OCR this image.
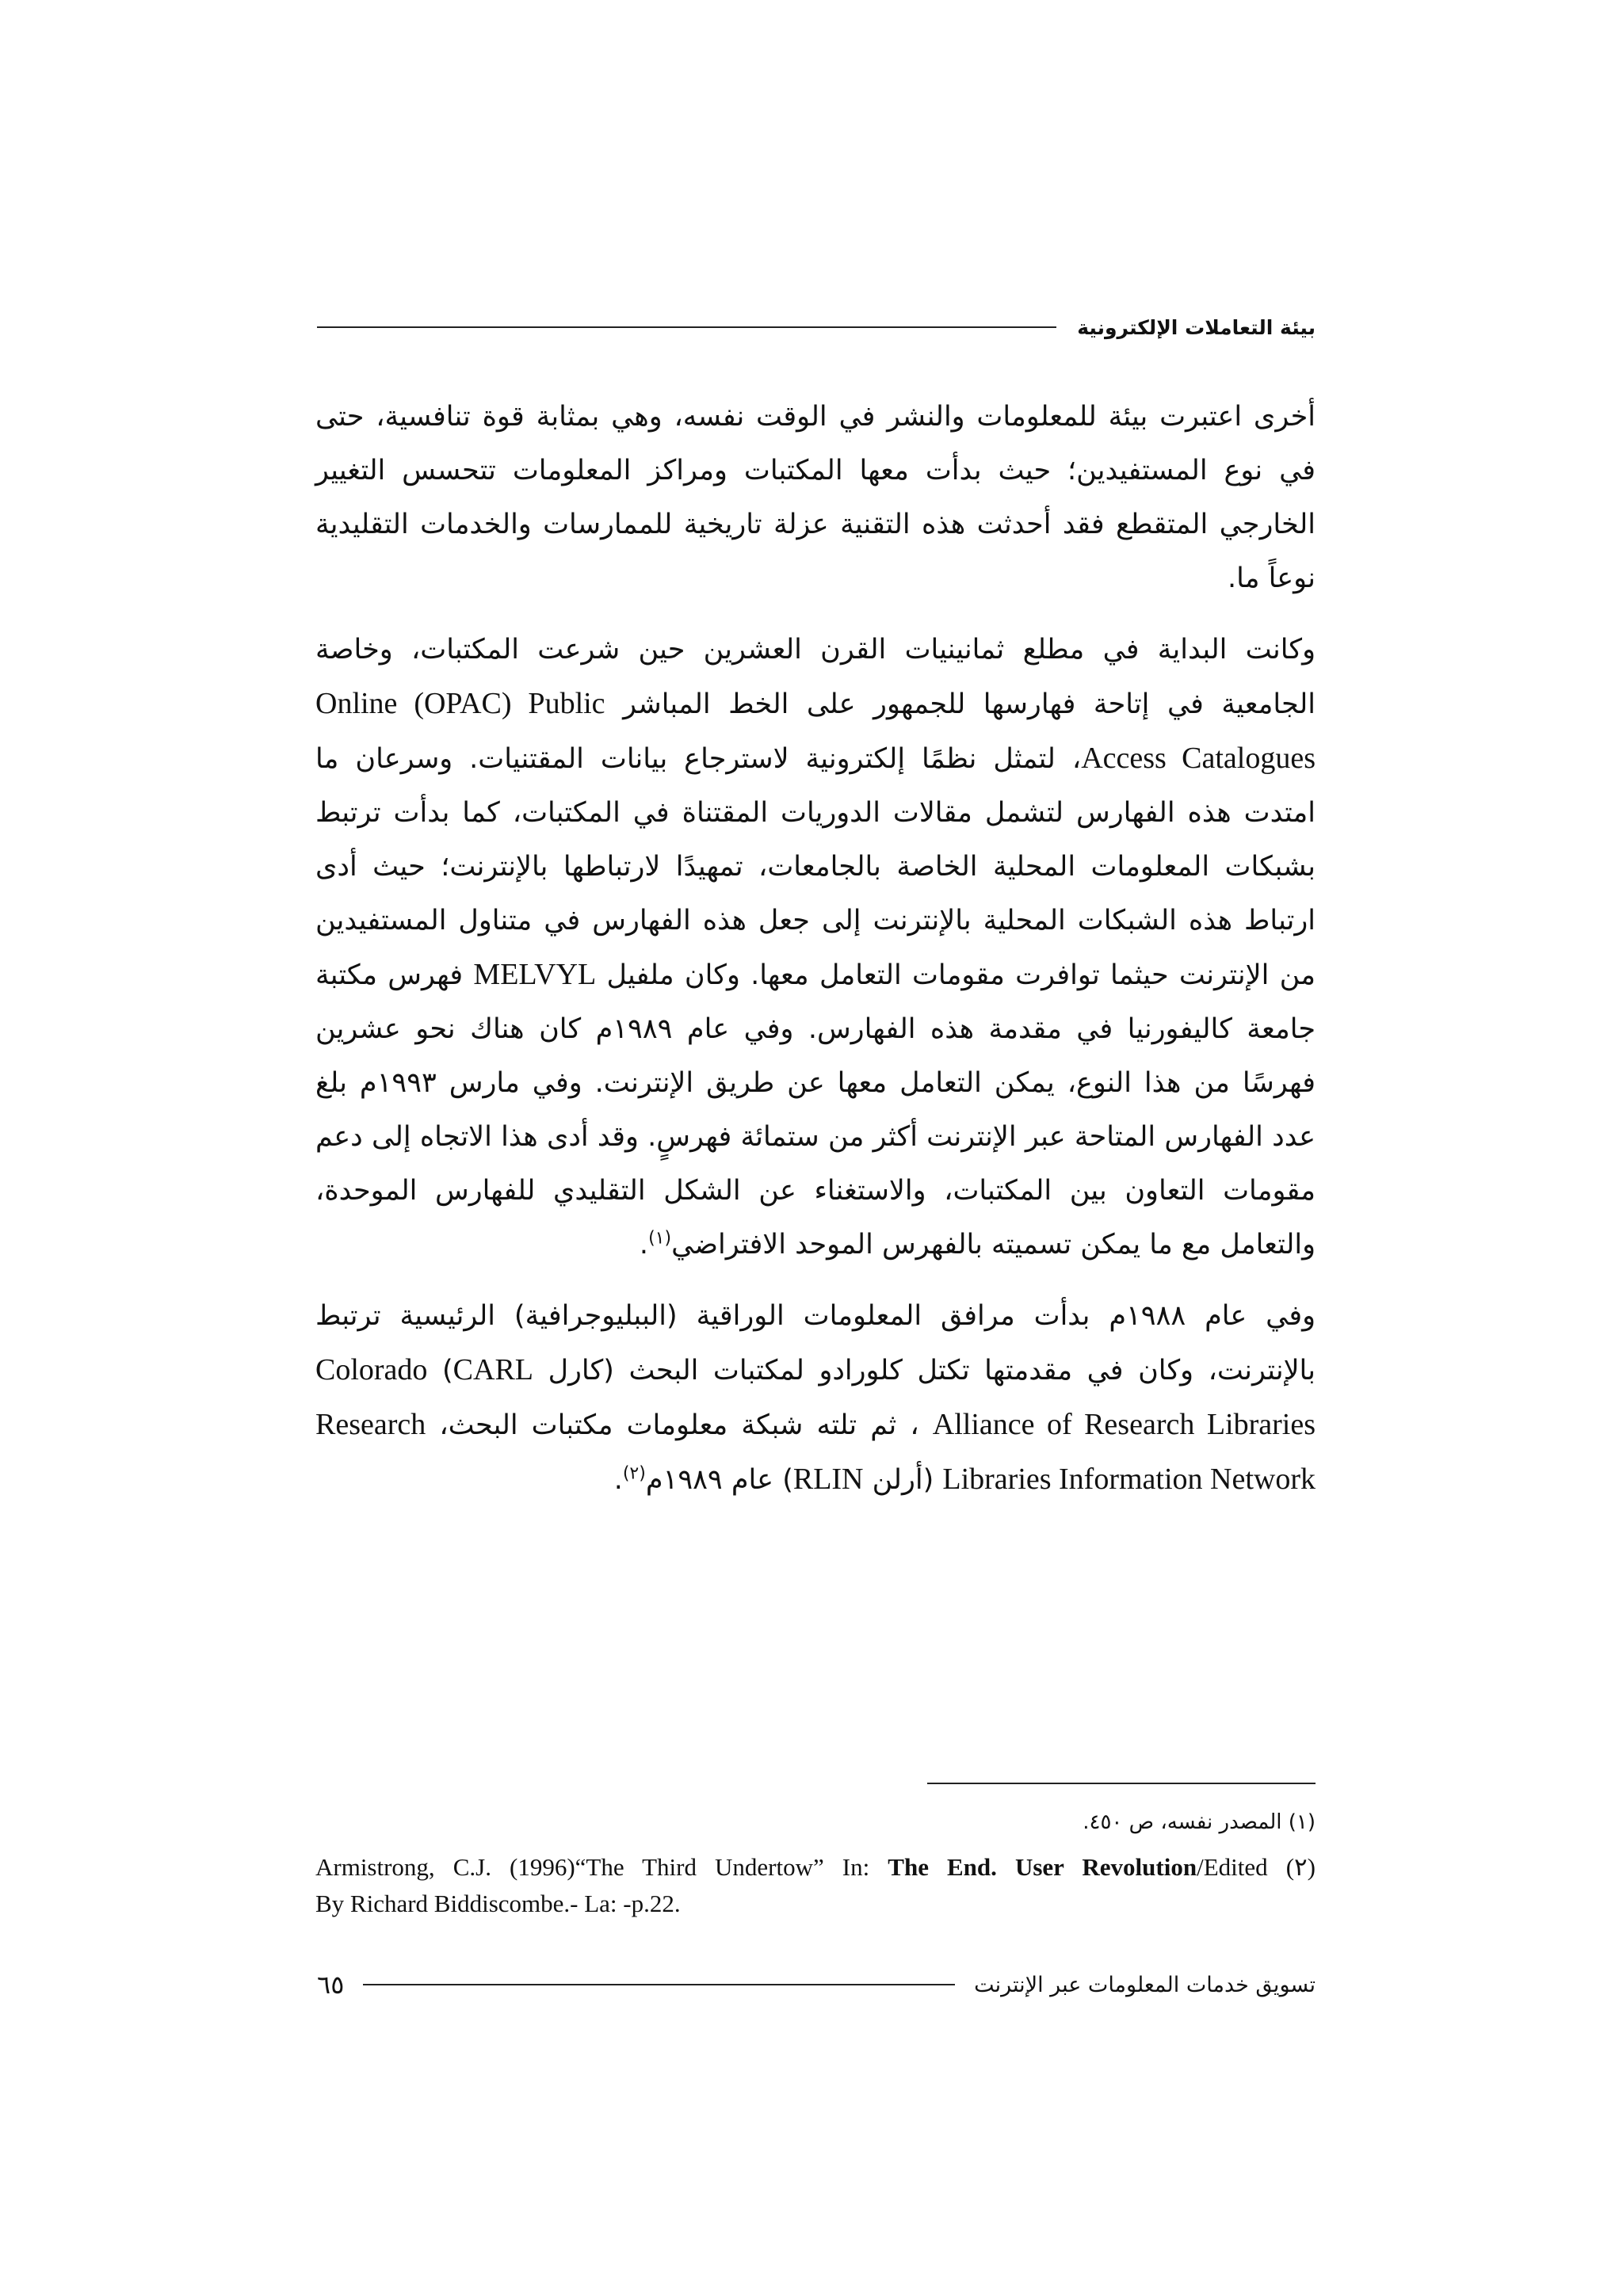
بيئة التعاملات الإلكترونية

أخرى اعتبرت بيئة للمعلومات والنشر في الوقت نفسه، وهي بمثابة قوة تنافسية، حتى في نوع المستفيدين؛ حيث بدأت معها المكتبات ومراكز المعلومات تتحسس التغيير الخارجي المتقطع فقد أحدثت هذه التقنية عزلة تاريخية للممارسات والخدمات التقليدية نوعاً ما.

وكانت البداية في مطلع ثمانينيات القرن العشرين حين شرعت المكتبات، وخاصة الجامعية في إتاحة فهارسها للجمهور على الخط المباشر Online (OPAC) Public Access Catalogues، لتمثل نظمًا إلكترونية لاسترجاع بيانات المقتنيات. وسرعان ما امتدت هذه الفهارس لتشمل مقالات الدوريات المقتناة في المكتبات، كما بدأت ترتبط بشبكات المعلومات المحلية الخاصة بالجامعات، تمهيدًا لارتباطها بالإنترنت؛ حيث أدى ارتباط هذه الشبكات المحلية بالإنترنت إلى جعل هذه الفهارس في متناول المستفيدين من الإنترنت حيثما توافرت مقومات التعامل معها. وكان ملفيل MELVYL فهرس مكتبة جامعة كاليفورنيا في مقدمة هذه الفهارس. وفي عام ١٩٨٩م كان هناك نحو عشرين فهرسًا من هذا النوع، يمكن التعامل معها عن طريق الإنترنت. وفي مارس ١٩٩٣م بلغ عدد الفهارس المتاحة عبر الإنترنت أكثر من ستمائة فهرسٍ. وقد أدى هذا الاتجاه إلى دعم مقومات التعاون بين المكتبات، والاستغناء عن الشكل التقليدي للفهارس الموحدة، والتعامل مع ما يمكن تسميته بالفهرس الموحد الافتراضي$^{(١)}$.

وفي عام ١٩٨٨م بدأت مرافق المعلومات الوراقية (الببليوجرافية) الرئيسية ترتبط بالإنترنت، وكان في مقدمتها تكتل كلورادو لمكتبات البحث (كارل CARL) Colorado Alliance of Research Libraries ، ثم تلته شبكة معلومات مكتبات البحث، Research Libraries Information Network (أرلن RLIN) عام ١٩٨٩م$^{(٢)}$.

(١) المصدر نفسه، ص ٤٥٠.
Armistrong, C.J. (1996)“The Third Undertow” In: The End. User Revolution/Edited (٢)
By Richard Biddiscombe.- La: -p.22.
تسويق خدمات المعلومات عبر الإنترنت
٦٥
